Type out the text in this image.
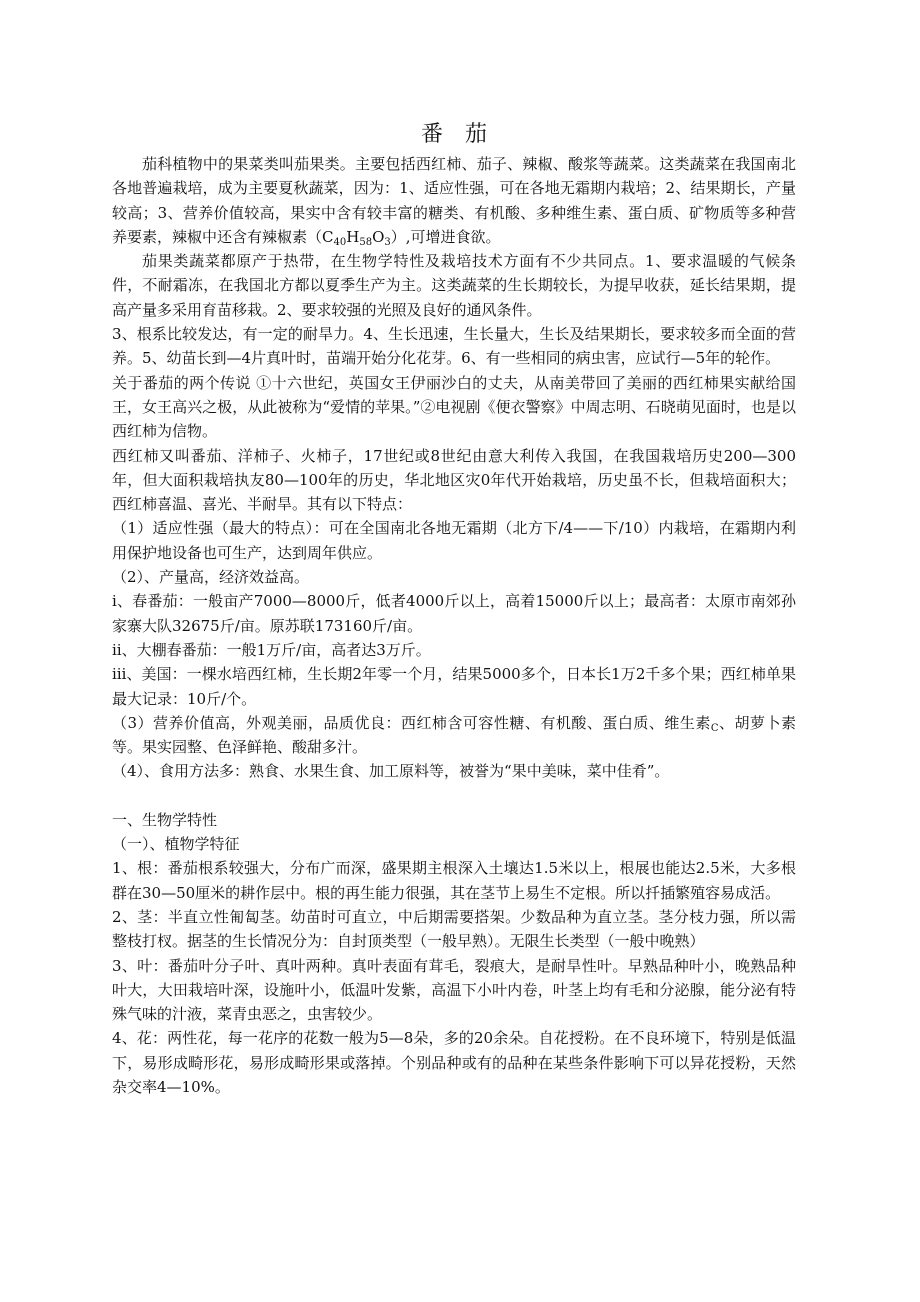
番茄

茄科植物中的果菜类叫茄果类。主要包括西红柿、茄子、辣椒、酸浆等蔬菜。这类蔬菜在我国南北各地普遍栽培，成为主要夏秋蔬菜，因为：1、适应性强，可在各地无霜期内栽培；2、结果期长，产量较高；3、营养价值较高，果实中含有较丰富的糖类、有机酸、多种维生素、蛋白质、矿物质等多种营养要素，辣椒中还含有辣椒素$(C_{40}H_{58}O_3)$,可增进食欲。

茄果类蔬菜都原产于热带，在生物学特性及栽培技术方面有不少共同点。1、要求温暖的气候条件，不耐霜冻，在我国北方都以夏季生产为主。这类蔬菜的生长期较长，为提早收获，延长结果期，提高产量多采用育苗移栽。2、要求较强的光照及良好的通风条件。

3、根系比较发达，有一定的耐旱力。4、生长迅速，生长量大，生长及结果期长，要求较多而全面的营养。5、幼苗长到—4片真叶时，苗端开始分化花芽。6、有一些相同的病虫害，应试行—5年的轮作。

关于番茄的两个传说 ①十六世纪，英国女王伊丽沙白的丈夫，从南美带回了美丽的西红柿果实献给国王，女王高兴之极，从此被称为“爱情的苹果。”②电视剧《便衣警察》中周志明、石晓萌见面时，也是以西红柿为信物。

西红柿又叫番茄、洋柿子、火柿子，17世纪或8世纪由意大利传入我国，在我国栽培历史200—300年，但大面积栽培执友80—100年的历史，华北地区灾0年代开始栽培，历史虽不长，但栽培面积大；西红柿喜温、喜光、半耐旱。其有以下特点：

（1）适应性强（最大的特点）：可在全国南北各地无霜期（北方下/4——下/10）内栽培，在霜期内利用保护地设备也可生产，达到周年供应。

（2）、产量高，经济效益高。

ⅰ、春番茄：一般亩产7000—8000斤，低者4000斤以上，高着15000斤以上；最高者：太原市南郊孙家寨大队32675斤/亩。原苏联173160斤/亩。

ⅱ、大棚春番茄：一般1万斤/亩，高者达3万斤。

ⅲ、美国：一棵水培西红柿，生长期2年零一个月，结果5000多个，日本长1万2千多个果；西红柿单果最大记录：10斤/个。

（3）营养价值高，外观美丽，品质优良：西红柿含可容性糖、有机酸、蛋白质、维生素$_C$、胡萝卜素等。果实园整、色泽鲜艳、酸甜多汁。

（4）、食用方法多：熟食、水果生食、加工原料等，被誉为“果中美味，菜中佳肴”。

一、生物学特性

（一）、植物学特征

1、根：番茄根系较强大，分布广而深，盛果期主根深入土壤达1.5米以上，根展也能达2.5米，大多根群在30—50厘米的耕作层中。根的再生能力很强，其在茎节上易生不定根。所以扦插繁殖容易成活。

2、茎：半直立性匍匐茎。幼苗时可直立，中后期需要搭架。少数品种为直立茎。茎分枝力强，所以需整枝打杈。据茎的生长情况分为：自封顶类型（一般早熟）。无限生长类型（一般中晚熟）

3、叶：番茄叶分子叶、真叶两种。真叶表面有茸毛，裂痕大，是耐旱性叶。早熟品种叶小，晚熟品种叶大，大田栽培叶深，设施叶小，低温叶发紫，高温下小叶内卷，叶茎上均有毛和分泌腺，能分泌有特殊气味的汁液，菜青虫恶之，虫害较少。

4、花：两性花，每一花序的花数一般为5—8朵，多的20余朵。自花授粉。在不良环境下，特别是低温下，易形成畸形花，易形成畸形果或落掉。个别品种或有的品种在某些条件影响下可以异花授粉，天然杂交率4—10%。
